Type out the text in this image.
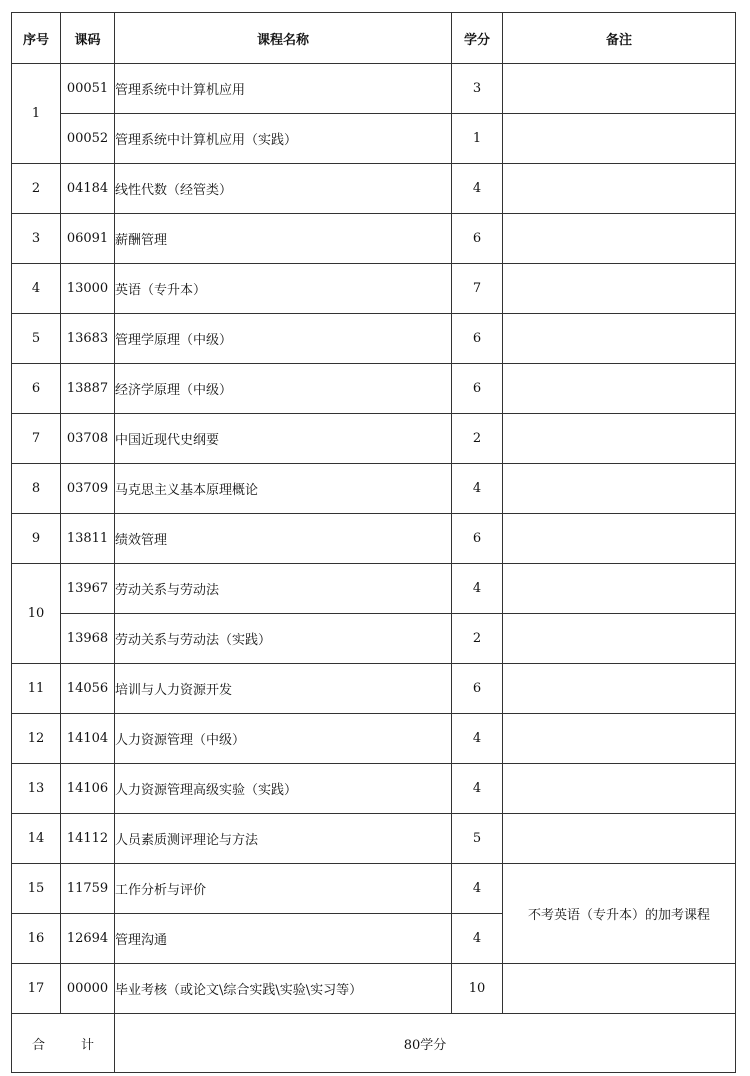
序号	课码	课程名称	学分	备注
1	00051	管理系统中计算机应用	3	
	00052	管理系统中计算机应用（实践）	1	
2	04184	线性代数（经管类）	4	
3	06091	薪酬管理	6	
4	13000	英语（专升本）	7	
5	13683	管理学原理（中级）	6	
6	13887	经济学原理（中级）	6	
7	03708	中国近现代史纲要	2	
8	03709	马克思主义基本原理概论	4	
9	13811	绩效管理	6	
10	13967	劳动关系与劳动法	4	
	13968	劳动关系与劳动法（实践）	2	
11	14056	培训与人力资源开发	6	
12	14104	人力资源管理（中级）	4	
13	14106	人力资源管理高级实验（实践）	4	
14	14112	人员素质测评理论与方法	5	
15	11759	工作分析与评价	4	不考英语（专升本）的加考课程
16	12694	管理沟通	4	
17	00000	毕业考核（或论文\综合实践\实验\实习等）	10	
合 计		80学分		
